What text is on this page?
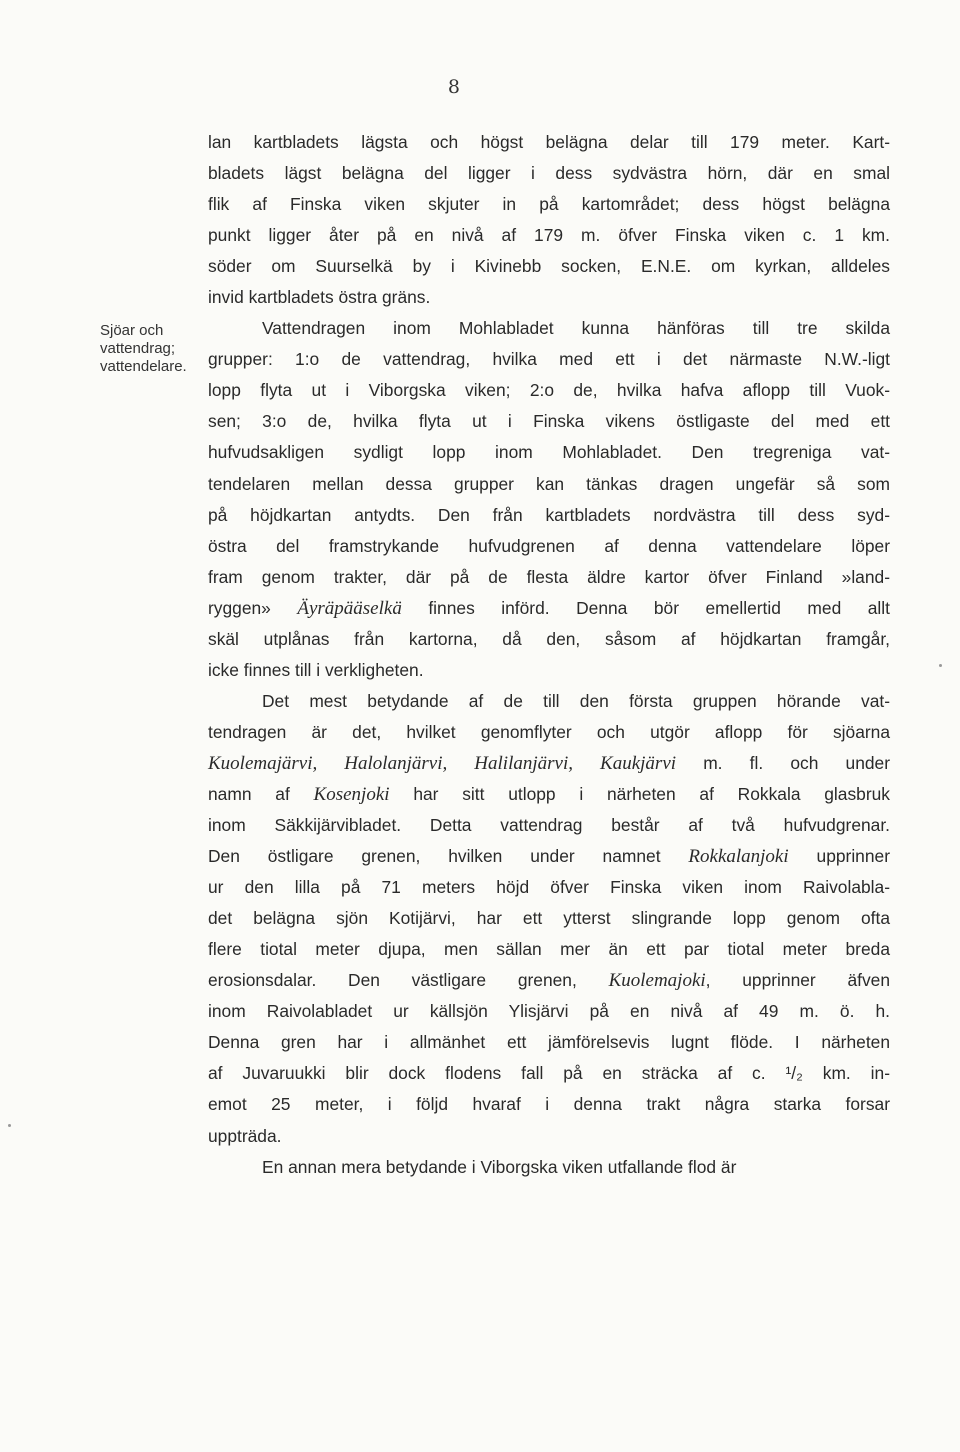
8
Sjöar och
vattendrag;
vattendelare.
lan kartbladets lägsta och högst belägna delar till 179 meter. Kart-
bladets lägst belägna del ligger i dess sydvästra hörn, där en smal
flik af Finska viken skjuter in på kartområdet; dess högst belägna
punkt ligger åter på en nivå af 179 m. öfver Finska viken c. 1 km.
söder om Suurselkä by i Kivinebb socken, E.N.E. om kyrkan, alldeles
invid kartbladets östra gräns.
Vattendragen inom Mohlabladet kunna hänföras till tre skilda
grupper: 1:o de vattendrag, hvilka med ett i det närmaste N.W.-ligt
lopp flyta ut i Viborgska viken; 2:o de, hvilka hafva aflopp till Vuok-
sen; 3:o de, hvilka flyta ut i Finska vikens östligaste del med ett
hufvudsakligen sydligt lopp inom Mohlabladet. Den tregreniga vat-
tendelaren mellan dessa grupper kan tänkas dragen ungefär så som
på höjdkartan antydts. Den från kartbladets nordvästra till dess syd-
östra del framstrykande hufvudgrenen af denna vattendelare löper
fram genom trakter, där på de flesta äldre kartor öfver Finland »land-
ryggen» Äyräpääselkä finnes införd. Denna bör emellertid med allt
skäl utplånas från kartorna, då den, såsom af höjdkartan framgår,
icke finnes till i verkligheten.
Det mest betydande af de till den första gruppen hörande vat-
tendragen är det, hvilket genomflyter och utgör aflopp för sjöarna
Kuolemajärvi, Halolanjärvi, Halilanjärvi, Kaukjärvi m. fl. och under
namn af Kosenjoki har sitt utlopp i närheten af Rokkala glasbruk
inom Säkkijärvibladet. Detta vattendrag består af två hufvudgrenar.
Den östligare grenen, hvilken under namnet Rokkalanjoki upprinner
ur den lilla på 71 meters höjd öfver Finska viken inom Raivolabla-
det belägna sjön Kotijärvi, har ett ytterst slingrande lopp genom ofta
flere tiotal meter djupa, men sällan mer än ett par tiotal meter breda
erosionsdalar. Den västligare grenen, Kuolemajoki, upprinner äfven
inom Raivolabladet ur källsjön Ylisjärvi på en nivå af 49 m. ö. h.
Denna gren har i allmänhet ett jämförelsevis lugnt flöde. I närheten
af Juvaruukki blir dock flodens fall på en sträcka af c. ¹/₂ km. in-
emot 25 meter, i följd hvaraf i denna trakt några starka forsar
uppträda.
En annan mera betydande i Viborgska viken utfallande flod är
